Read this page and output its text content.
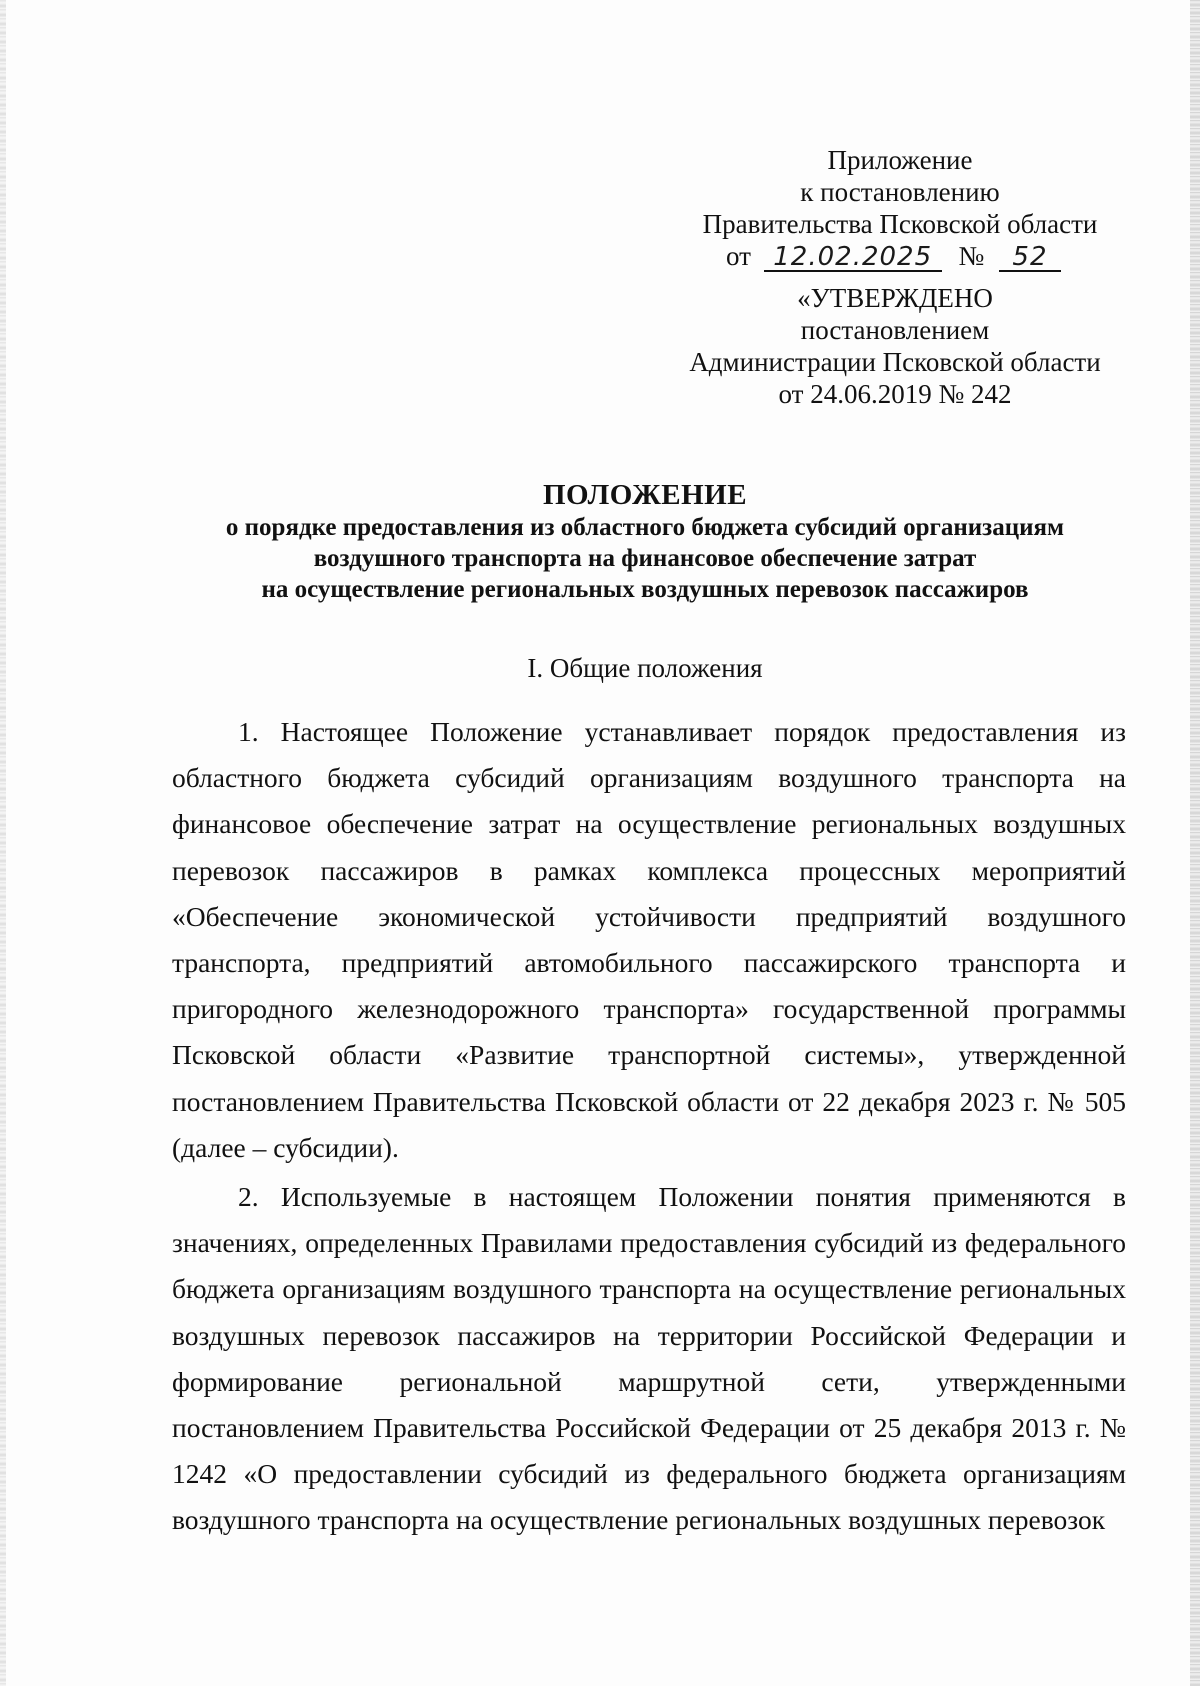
Приложение
к постановлению
Правительства Псковской области
от 12.02.2025 № 52
«УТВЕРЖДЕНО
постановлением
Администрации Псковской области
от 24.06.2019 № 242
ПОЛОЖЕНИЕ
о порядке предоставления из областного бюджета субсидий организациям
воздушного транспорта на финансовое обеспечение затрат
на осуществление региональных воздушных перевозок пассажиров
I. Общие положения

1. Настоящее Положение устанавливает порядок предоставления из областного бюджета субсидий организациям воздушного транспорта на финансовое обеспечение затрат на осуществление региональных воздушных перевозок пассажиров в рамках комплекса процессных мероприятий «Обеспечение экономической устойчивости предприятий воздушного транспорта, предприятий автомобильного пассажирского транспорта и пригородного железнодорожного транспорта» государственной программы Псковской области «Развитие транспортной системы», утвержденной постановлением Правительства Псковской области от 22 декабря 2023 г. № 505 (далее – субсидии).

2. Используемые в настоящем Положении понятия применяются в значениях, определенных Правилами предоставления субсидий из федерального бюджета организациям воздушного транспорта на осуществление региональных воздушных перевозок пассажиров на территории Российской Федерации и формирование региональной маршрутной сети, утвержденными постановлением Правительства Российской Федерации от 25 декабря 2013 г. № 1242 «О предоставлении субсидий из федерального бюджета организациям воздушного транспорта на осуществление региональных воздушных перевозок
